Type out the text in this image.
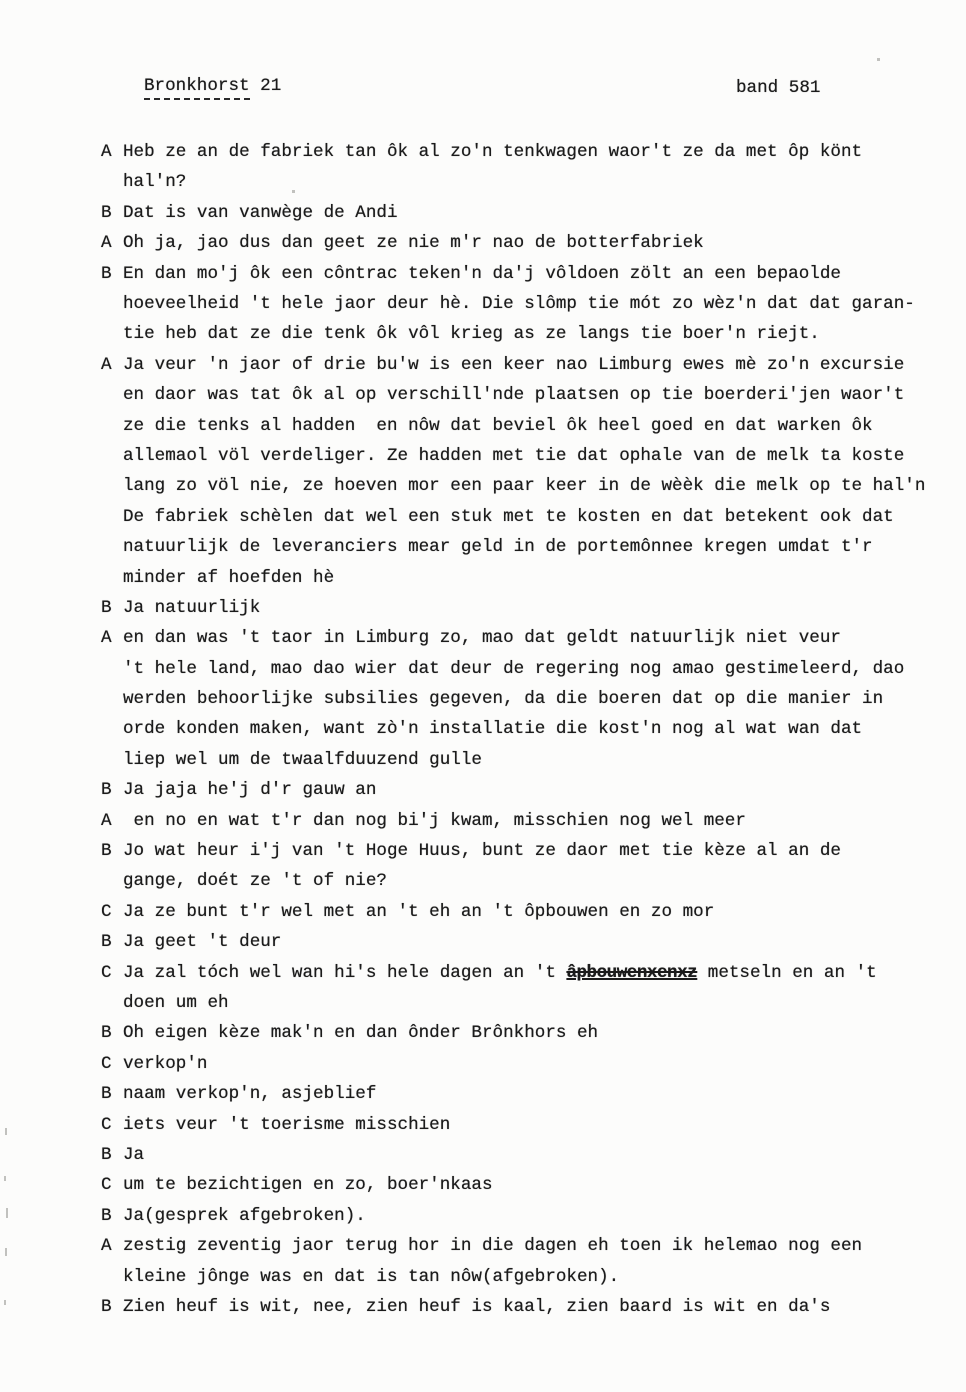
Bronkhorst 21	band 581
A Heb ze an de fabriek tan ôk al zo'n tenkwagen waor't ze da met ôp könt
hal'n?
B Dat is van vanwège de Andi
A Oh ja, jao dus dan geet ze nie m'r nao de botterfabriek
B En dan mo'j ôk een côntrac teken'n da'j vôldoen zölt an een bepaolde
hoeveelheid 't hele jaor deur hè. Die slômp tie mót zo wèz'n dat dat garan-
tie heb dat ze die tenk ôk vôl krieg as ze langs tie boer'n riejt.
A Ja veur 'n jaor of drie bu'w is een keer nao Limburg ewes mè zo'n excursie
en daor was tat ôk al op verschill'nde plaatsen op tie boerderi'jen waor't
ze die tenks al hadden  en nôw dat beviel ôk heel goed en dat warken ôk
allemaol völ verdeliger. Ze hadden met tie dat ophale van de melk ta koste
lang zo völ nie, ze hoeven mor een paar keer in de wèèk die melk op te hal'n
De fabriek schèlen dat wel een stuk met te kosten en dat betekent ook dat
natuurlijk de leveranciers mear geld in de portemônnee kregen umdat t'r
minder af hoefden hè
B Ja natuurlijk
A en dan was 't taor in Limburg zo, mao dat geldt natuurlijk niet veur
't hele land, mao dao wier dat deur de regering nog amao gestimeleerd, dao
werden behoorlijke subsilies gegeven, da die boeren dat op die manier in
orde konden maken, want zò'n installatie die kost'n nog al wat wan dat
liep wel um de twaalfduuzend gulle
B Ja jaja he'j d'r gauw an
A en no en wat t'r dan nog bi'j kwam, misschien nog wel meer
B Jo wat heur i'j van 't Hoge Huus, bunt ze daor met tie kèze al an de
gange, doét ze 't of nie?
C Ja ze bunt t'r wel met an 't eh an 't ôpbouwen en zo mor
B Ja geet 't deur
C Ja zal tóch wel wan hi's hele dagen an 't âpbouwenxenxz metseln en an 't
doen um eh
B Oh eigen kèze mak'n en dan ônder Brônkhors eh
C verkop'n
B naam verkop'n, asjeblief
C iets veur 't toerisme misschien
B Ja
C um te bezichtigen en zo, boer'nkaas
B Ja(gesprek afgebroken).
A zestig zeventig jaor terug hor in die dagen eh toen ik helemao nog een
kleine jônge was en dat is tan nôw(afgebroken).
B Zien heuf is wit, nee, zien heuf is kaal, zien baard is wit en da's
